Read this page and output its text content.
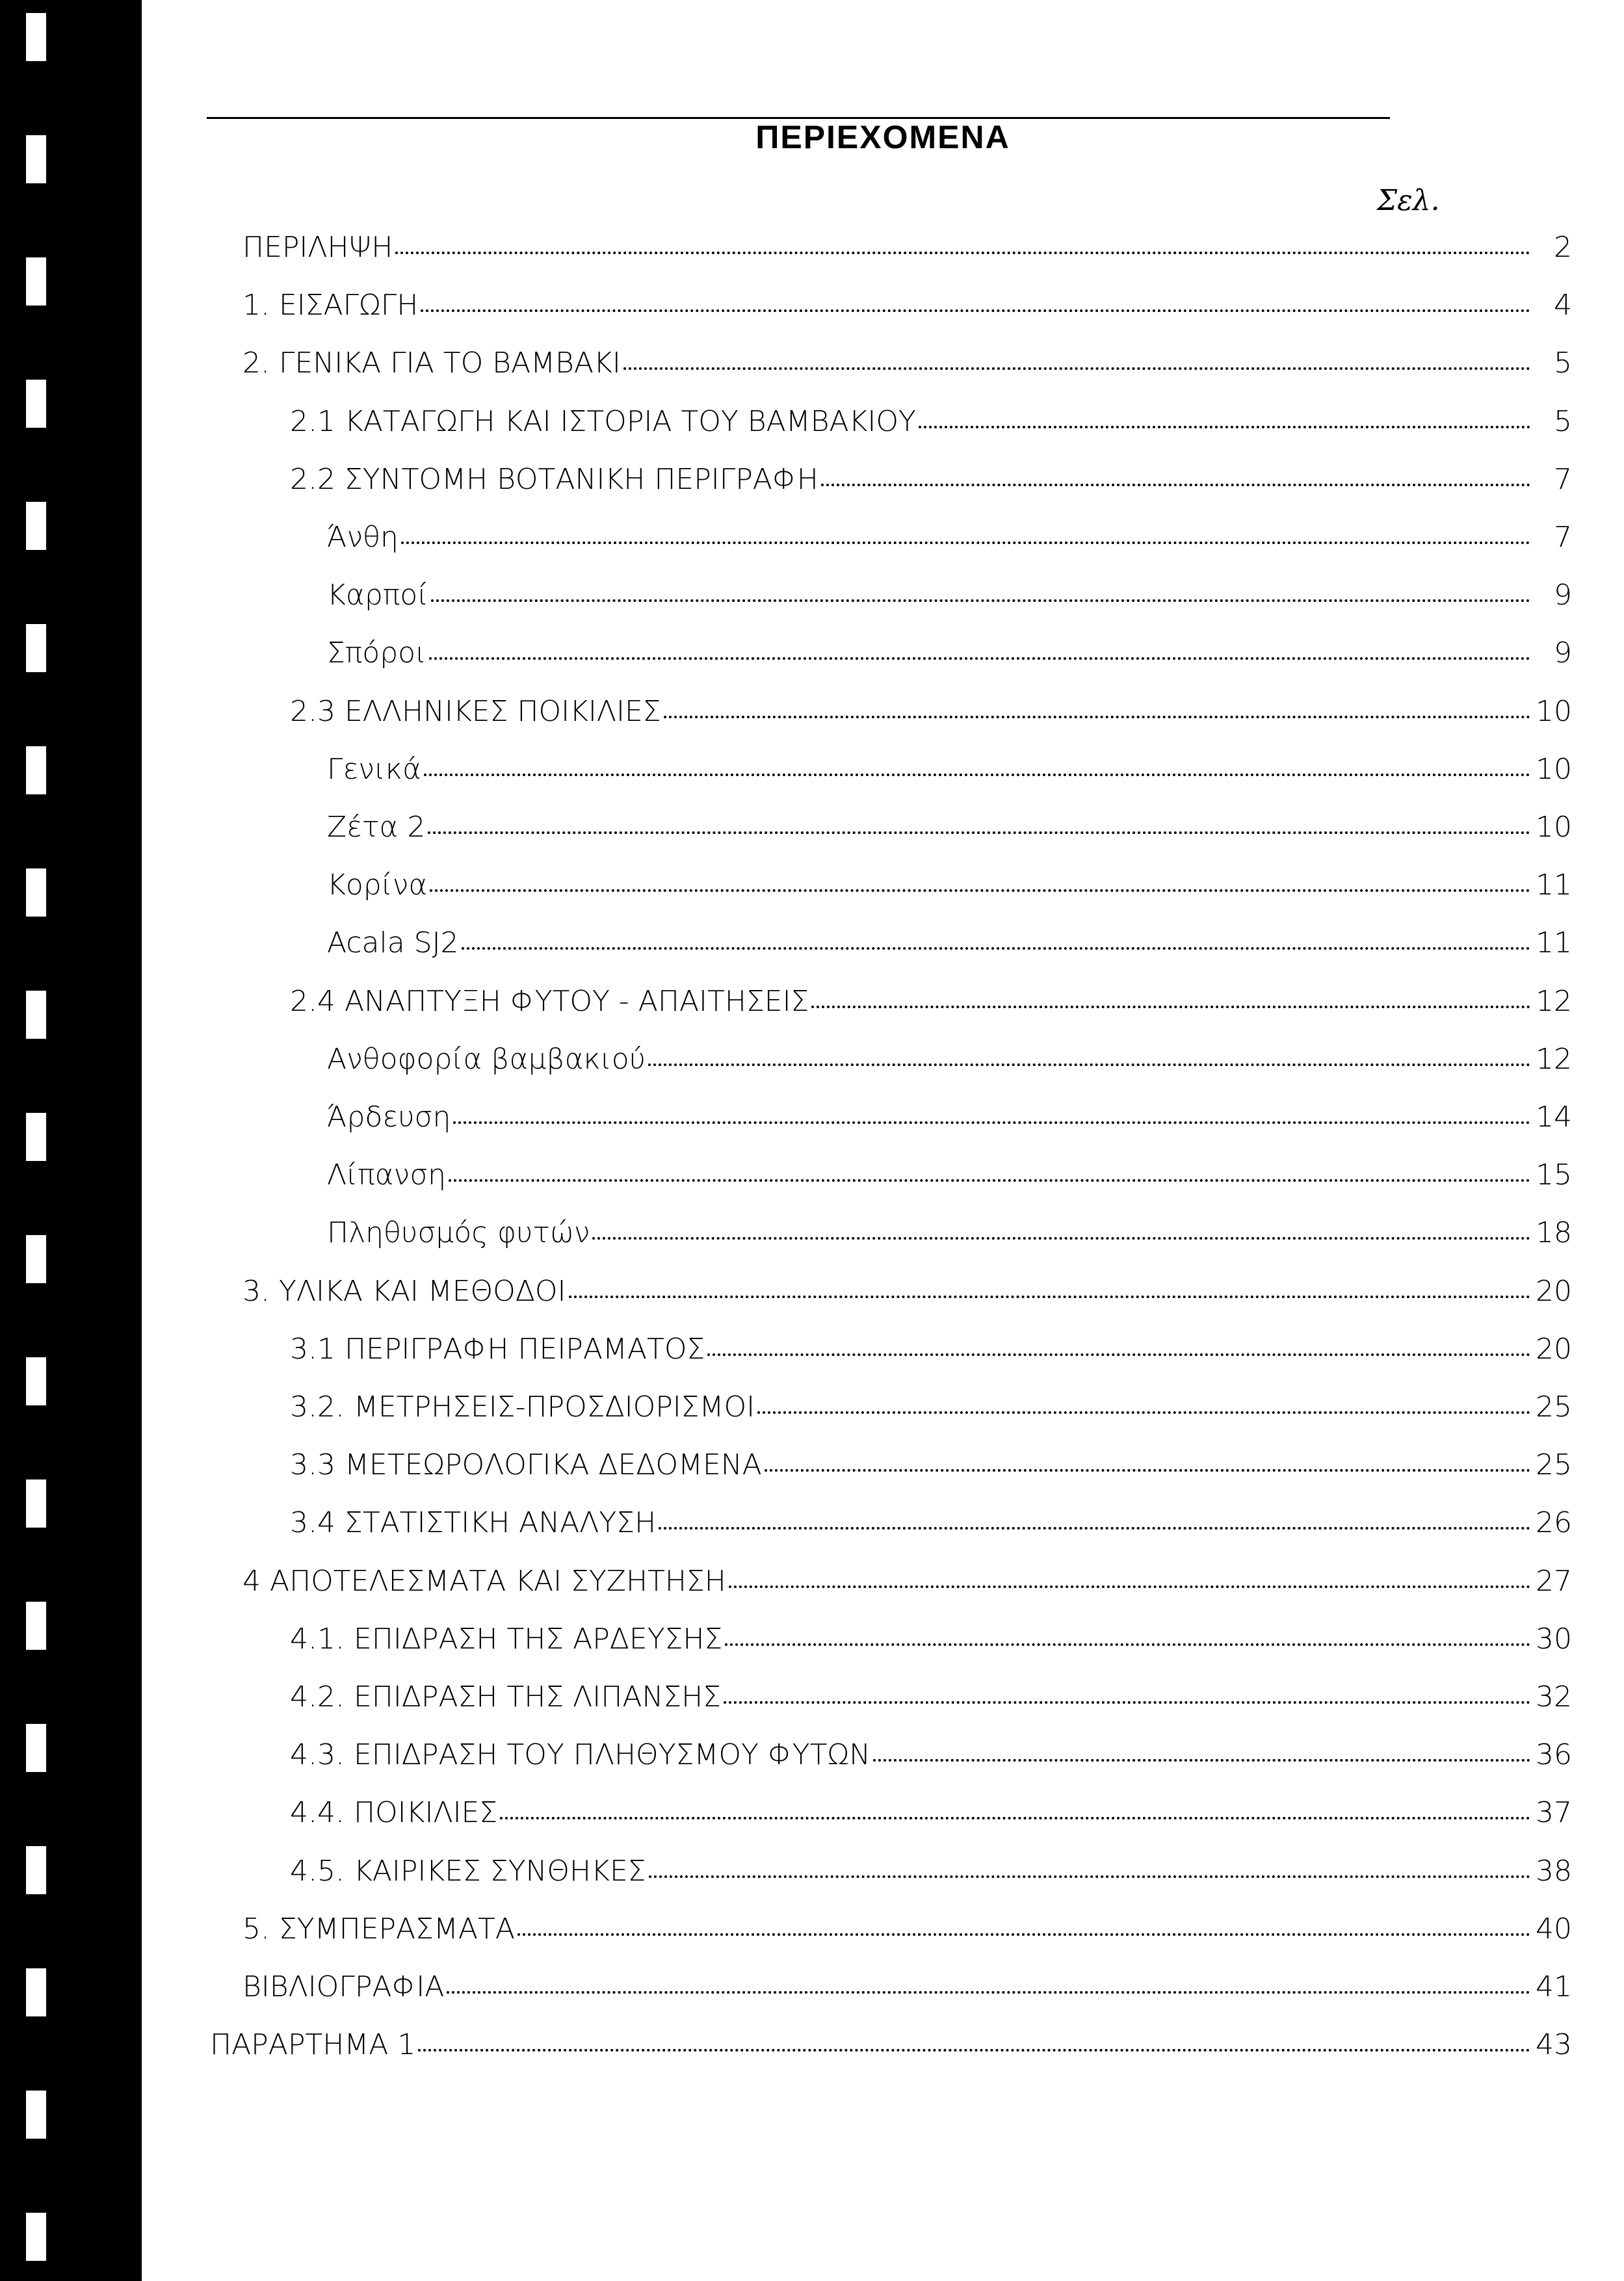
ΠΕΡΙΕΧΟΜΕΝΑ
Σελ.
ΠΕΡΙΛΗΨΗ	2
1. ΕΙΣΑΓΩΓΗ	4
2. ΓΕΝΙΚΑ ΓΙΑ ΤΟ ΒΑΜΒΑΚΙ	5
2.1 ΚΑΤΑΓΩΓΗ ΚΑΙ ΙΣΤΟΡΙΑ ΤΟΥ ΒΑΜΒΑΚΙΟΥ	5
2.2 ΣΥΝΤΟΜΗ ΒΟΤΑΝΙΚΗ ΠΕΡΙΓΡΑΦΗ	7
Άνθη	7
Καρποί	9
Σπόροι	9
2.3 ΕΛΛΗΝΙΚΕΣ ΠΟΙΚΙΛΙΕΣ	10
Γενικά	10
Ζέτα 2	10
Κορίνα	11
Acala SJ2	11
2.4 ΑΝΑΠΤΥΞΗ ΦΥΤΟΥ - ΑΠΑΙΤΗΣΕΙΣ	12
Ανθοφορία βαμβακιού	12
Άρδευση	14
Λίπανση	15
Πληθυσμός φυτών	18
3. ΥΛΙΚΑ ΚΑΙ ΜΕΘΟΔΟΙ	20
3.1 ΠΕΡΙΓΡΑΦΗ ΠΕΙΡΑΜΑΤΟΣ	20
3.2. ΜΕΤΡΗΣΕΙΣ-ΠΡΟΣΔΙΟΡΙΣΜΟΙ	25
3.3 ΜΕΤΕΩΡΟΛΟΓΙΚΑ ΔΕΔΟΜΕΝΑ	25
3.4 ΣΤΑΤΙΣΤΙΚΗ ΑΝΑΛΥΣΗ	26
4 ΑΠΟΤΕΛΕΣΜΑΤΑ ΚΑΙ ΣΥΖΗΤΗΣΗ	27
4.1. ΕΠΙΔΡΑΣΗ ΤΗΣ ΑΡΔΕΥΣΗΣ	30
4.2. ΕΠΙΔΡΑΣΗ ΤΗΣ ΛΙΠΑΝΣΗΣ	32
4.3. ΕΠΙΔΡΑΣΗ ΤΟΥ ΠΛΗΘΥΣΜΟΥ ΦΥΤΩΝ	36
4.4. ΠΟΙΚΙΛΙΕΣ	37
4.5. ΚΑΙΡΙΚΕΣ ΣΥΝΘΗΚΕΣ	38
5. ΣΥΜΠΕΡΑΣΜΑΤΑ	40
ΒΙΒΛΙΟΓΡΑΦΙΑ	41
ΠΑΡΑΡΤΗΜΑ 1	43
